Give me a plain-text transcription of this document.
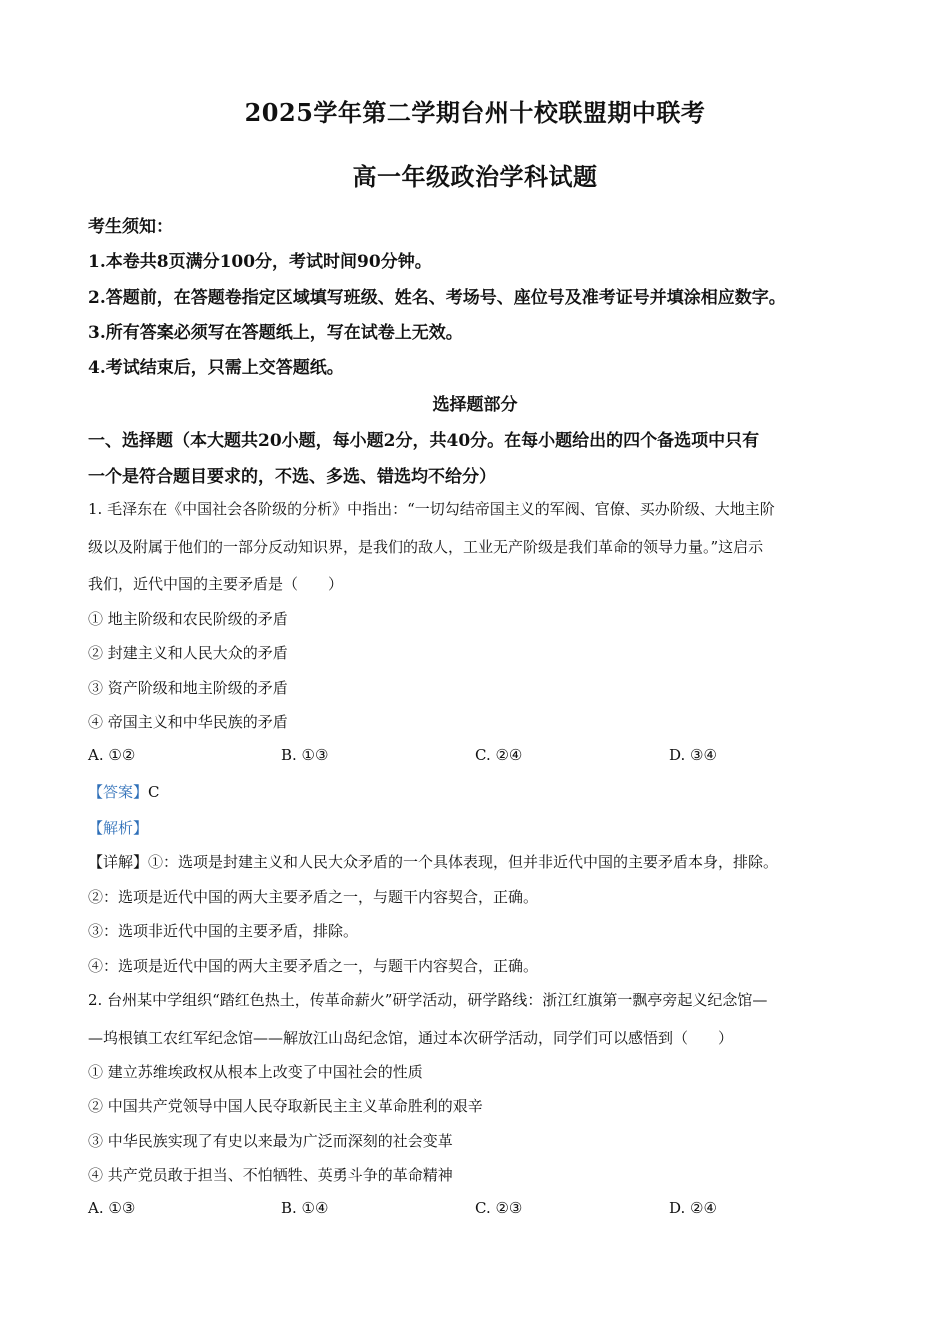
2025学年第二学期台州十校联盟期中联考
高一年级政治学科试题
考生须知：
1.本卷共8页满分100分，考试时间90分钟。
2.答题前，在答题卷指定区域填写班级、姓名、考场号、座位号及准考证号并填涂相应数字。
3.所有答案必须写在答题纸上，写在试卷上无效。
4.考试结束后，只需上交答题纸。
选择题部分
一、选择题（本大题共20小题，每小题2分，共40分。在每小题给出的四个备选项中只有
一个是符合题目要求的，不选、多选、错选均不给分）
1. 毛泽东在《中国社会各阶级的分析》中指出：“一切勾结帝国主义的军阀、官僚、买办阶级、大地主阶
级以及附属于他们的一部分反动知识界，是我们的敌人，工业无产阶级是我们革命的领导力量。”这启示
我们，近代中国的主要矛盾是（　　）
① 地主阶级和农民阶级的矛盾
② 封建主义和人民大众的矛盾
③ 资产阶级和地主阶级的矛盾
④ 帝国主义和中华民族的矛盾
A. ①②	B. ①③	C. ②④	D. ③④
【答案】C
【解析】
【详解】①：选项是封建主义和人民大众矛盾的一个具体表现，但并非近代中国的主要矛盾本身，排除。
②：选项是近代中国的两大主要矛盾之一，与题干内容契合，正确。
③：选项非近代中国的主要矛盾，排除。
④：选项是近代中国的两大主要矛盾之一，与题干内容契合，正确。
2. 台州某中学组织“踏红色热土，传革命薪火”研学活动，研学路线：浙江红旗第一飘亭旁起义纪念馆—
—坞根镇工农红军纪念馆——解放江山岛纪念馆，通过本次研学活动，同学们可以感悟到（　　）
① 建立苏维埃政权从根本上改变了中国社会的性质
② 中国共产党领导中国人民夺取新民主主义革命胜利的艰辛
③ 中华民族实现了有史以来最为广泛而深刻的社会变革
④ 共产党员敢于担当、不怕牺牲、英勇斗争的革命精神
A. ①③	B. ①④	C. ②③	D. ②④
